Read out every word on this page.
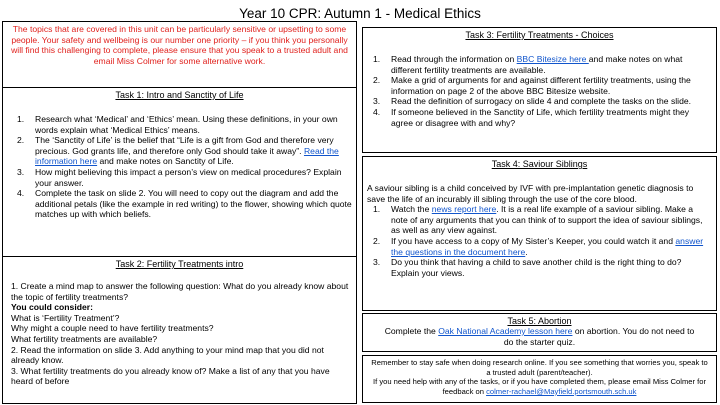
Year 10 CPR: Autumn 1 - Medical Ethics
The topics that are covered in this unit can be particularly sensitive or upsetting to some people. Your safety and wellbeing is our number one priority – if you think you personally will find this challenging to complete, please ensure that you speak to a trusted adult and email Miss Colmer for some alternative work.
Task 1: Intro and Sanctity of Life
1. Research what ‘Medical’ and ‘Ethics’ mean. Using these definitions, in your own words explain what ‘Medical Ethics’ means.
2. The ‘Sanctity of Life’ is the belief that “Life is a gift from God and therefore very precious. God grants life, and therefore only God should take it away”. Read the information here and make notes on Sanctity of Life.
3. How might believing this impact a person’s view on medical procedures? Explain your answer.
4. Complete the task on slide 2. You will need to copy out the diagram and add the additional petals (like the example in red writing) to the flower, showing which quote matches up with which beliefs.
Task 2: Fertility Treatments intro
1. Create a mind map to answer the following question: What do you already know about the topic of fertility treatments?
You could consider:
What is ‘Fertility Treatment’?
Why might a couple need to have fertility treatments?
What fertility treatments are available?
2. Read the information on slide 3. Add anything to your mind map that you did not already know.
3. What fertility treatments do you already know of? Make a list of any that you have heard of before
Task 3: Fertility Treatments - Choices
1. Read through the information on BBC Bitesize here and make notes on what different fertility treatments are available.
2. Make a grid of arguments for and against different fertility treatments, using the information on page 2 of the above BBC Bitesize website.
3. Read the definition of surrogacy on slide 4 and complete the tasks on the slide.
4. If someone believed in the Sanctity of Life, which fertility treatments might they agree or disagree with and why?
Task 4: Saviour Siblings
A saviour sibling is a child conceived by IVF with pre-implantation genetic diagnosis to save the life of an incurably ill sibling through the use of the core blood.
1. Watch the news report here. It is a real life example of a saviour sibling. Make a note of any arguments that you can think of to support the idea of saviour siblings, as well as any view against.
2. If you have access to a copy of My Sister’s Keeper, you could watch it and answer the questions in the document here.
3. Do you think that having a child to save another child is the right thing to do? Explain your views.
Task 5: Abortion
Complete the Oak National Academy lesson here on abortion. You do not need to do the starter quiz.
Remember to stay safe when doing research online. If you see something that worries you, speak to a trusted adult (parent/teacher).
If you need help with any of the tasks, or if you have completed them, please email Miss Colmer for feedback on colmer-rachael@Mayfield.portsmouth.sch.uk
